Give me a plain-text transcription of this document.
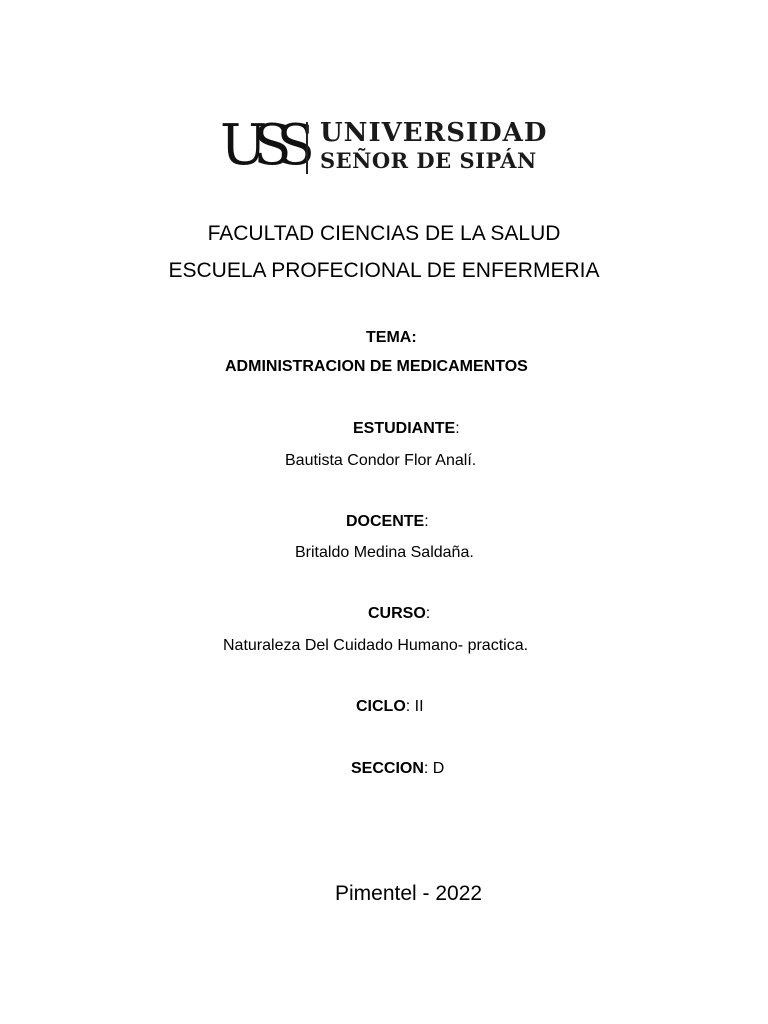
USS UNIVERSIDAD
SEÑOR DE SIPÁN
FACULTAD CIENCIAS DE LA SALUD
ESCUELA PROFECIONAL DE ENFERMERIA
TEMA:
ADMINISTRACION DE MEDICAMENTOS
ESTUDIANTE:
Bautista Condor Flor Analí.
DOCENTE:
Britaldo Medina Saldaña.
CURSO:
Naturaleza Del Cuidado Humano- practica.
CICLO: II
SECCION: D
Pimentel - 2022
